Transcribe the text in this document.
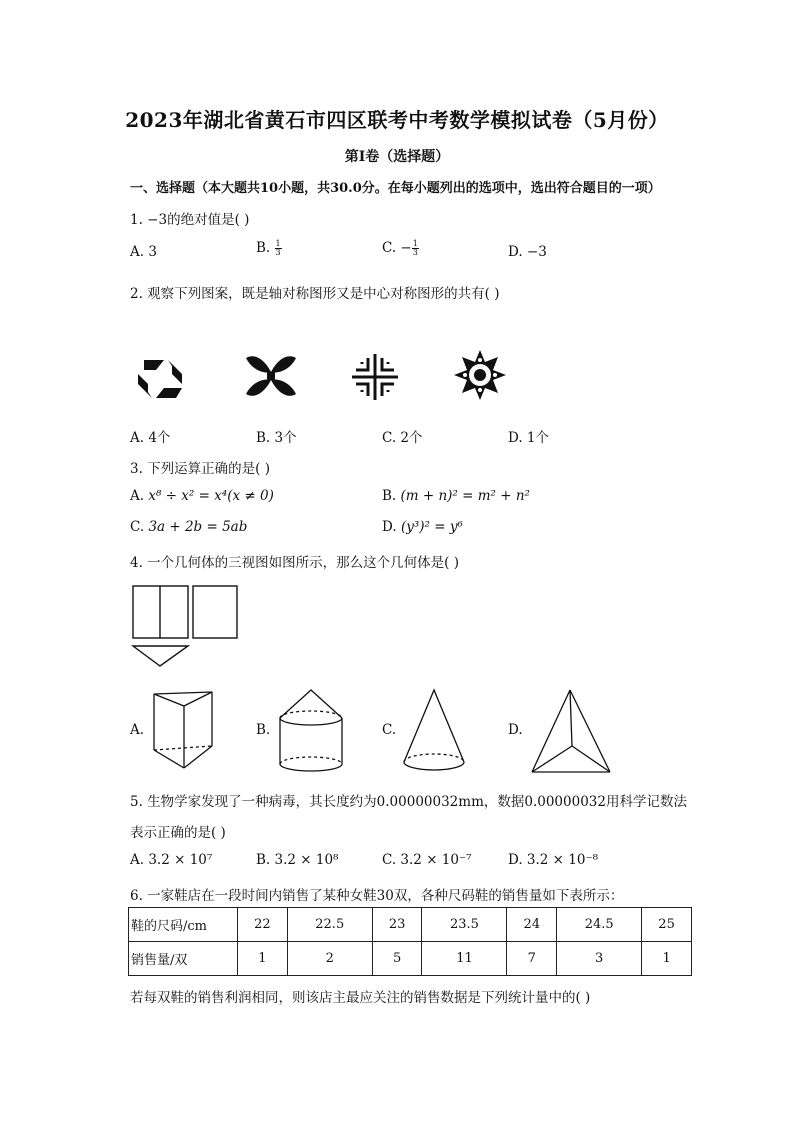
2023年湖北省黄石市四区联考中考数学模拟试卷（5月份）
第I卷（选择题）
一、选择题（本大题共10小题，共30.0分。在每小题列出的选项中，选出符合题目的一项）
1. −3的绝对值是( )
A. 3	B. $\frac{1}{3}$	C. − $\frac{1}{3}$	D. −3
2. 观察下列图案，既是轴对称图形又是中心对称图形的共有( )
A. 4个	B. 3个	C. 2个	D. 1个
3. 下列运算正确的是( )
A. x⁸ ÷ x² = x⁴(x ≠ 0)	B. (m + n)² = m² + n²
C. 3a + 2b = 5ab	D. (y³)² = y⁶
4. 一个几何体的三视图如图所示，那么这个几何体是( )
A.	B.	C.	D.
5. 生物学家发现了一种病毒，其长度约为0.00000032mm，数据0.00000032用科学记数法
表示正确的是( )
A. 3.2 × 10⁷	B. 3.2 × 10⁸	C. 3.2 × 10⁻⁷	D. 3.2 × 10⁻⁸
6. 一家鞋店在一段时间内销售了某种女鞋30双，各种尺码鞋的销售量如下表所示：
鞋的尺码/cm	22	22.5	23	23.5	24	24.5	25
销售量/双	1	2	5	11	7	3	1
若每双鞋的销售利润相同，则该店主最应关注的销售数据是下列统计量中的( )
